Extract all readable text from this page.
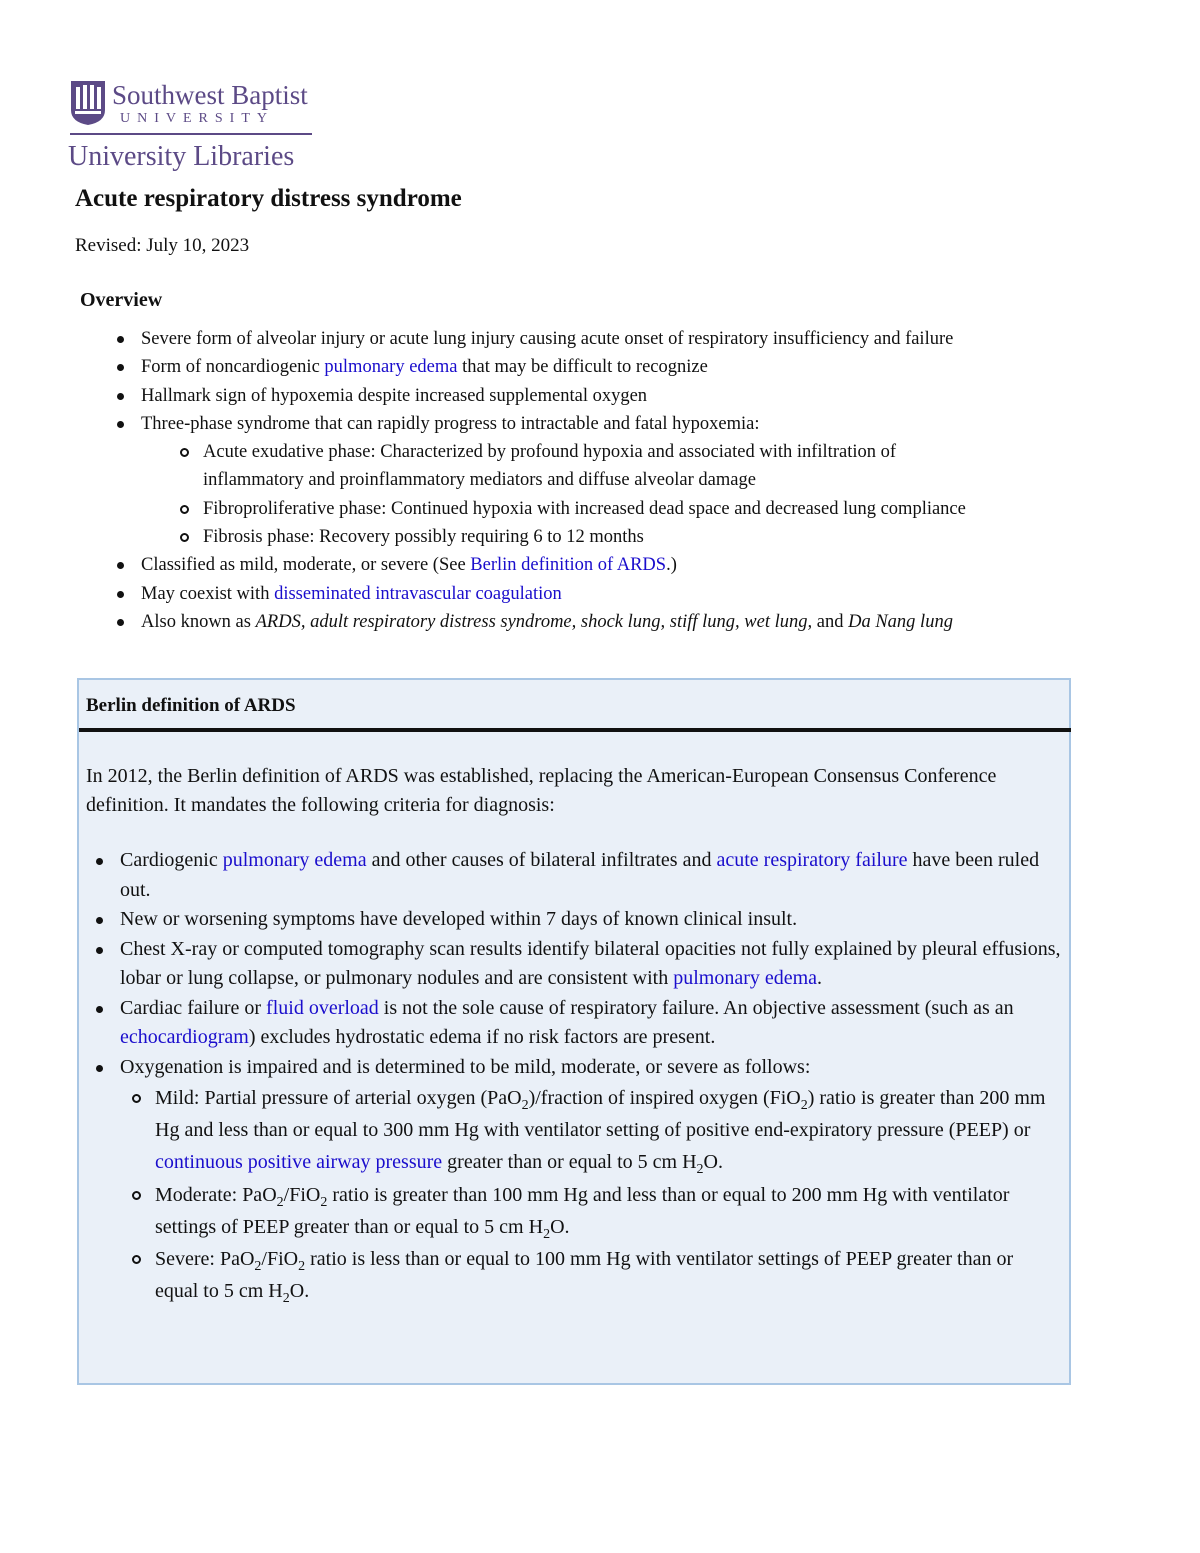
Southwest Baptist
UNIVERSITY
University Libraries
Acute respiratory distress syndrome
Revised: July 10, 2023
Overview
Severe form of alveolar injury or acute lung injury causing acute onset of respiratory insufficiency and failure
Form of noncardiogenic pulmonary edema that may be difficult to recognize
Hallmark sign of hypoxemia despite increased supplemental oxygen
Three-phase syndrome that can rapidly progress to intractable and fatal hypoxemia:
Acute exudative phase: Characterized by profound hypoxia and associated with infiltration of
inflammatory and proinflammatory mediators and diffuse alveolar damage
Fibroproliferative phase: Continued hypoxia with increased dead space and decreased lung compliance
Fibrosis phase: Recovery possibly requiring 6 to 12 months
Classified as mild, moderate, or severe (See Berlin definition of ARDS.)
May coexist with disseminated intravascular coagulation
Also known as ARDS, adult respiratory distress syndrome, shock lung, stiff lung, wet lung, and Da Nang lung
Berlin definition of ARDS
In 2012, the Berlin definition of ARDS was established, replacing the American-European Consensus Conference definition. It mandates the following criteria for diagnosis:
Cardiogenic pulmonary edema and other causes of bilateral infiltrates and acute respiratory failure have been ruled out.
New or worsening symptoms have developed within 7 days of known clinical insult.
Chest X-ray or computed tomography scan results identify bilateral opacities not fully explained by pleural effusions, lobar or lung collapse, or pulmonary nodules and are consistent with pulmonary edema.
Cardiac failure or fluid overload is not the sole cause of respiratory failure. An objective assessment (such as an echocardiogram) excludes hydrostatic edema if no risk factors are present.
Oxygenation is impaired and is determined to be mild, moderate, or severe as follows:
Mild: Partial pressure of arterial oxygen (PaO$_2$)/fraction of inspired oxygen (FiO$_2$) ratio is greater than 200 mm Hg and less than or equal to 300 mm Hg with ventilator setting of positive end-expiratory pressure (PEEP) or continuous positive airway pressure greater than or equal to 5 cm $H_2O$.
Moderate: PaO$_2$/FiO$_2$ ratio is greater than 100 mm Hg and less than or equal to 200 mm Hg with ventilator settings of PEEP greater than or equal to 5 cm $H_2O$.
Severe: PaO$_2$/FiO$_2$ ratio is less than or equal to 100 mm Hg with ventilator settings of PEEP greater than or equal to 5 cm $H_2O$.
